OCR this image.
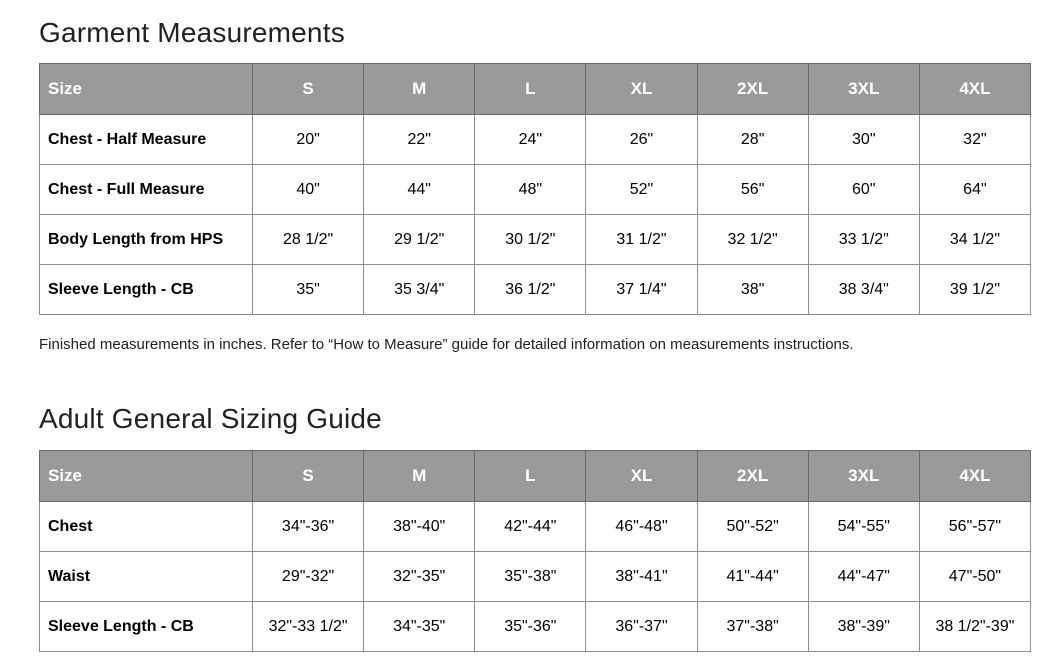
Garment Measurements
Size	S	M	L	XL	2XL	3XL	4XL
Chest - Half Measure	20"	22"	24"	26"	28"	30"	32"
Chest - Full Measure	40"	44"	48"	52"	56"	60"	64"
Body Length from HPS	28 1/2"	29 1/2"	30 1/2"	31 1/2"	32 1/2"	33 1/2"	34 1/2"
Sleeve Length - CB	35"	35 3/4"	36 1/2"	37 1/4"	38"	38 3/4"	39 1/2"

Finished measurements in inches. Refer to “How to Measure” guide for detailed information on measurements instructions.

Adult General Sizing Guide
Size	S	M	L	XL	2XL	3XL	4XL
Chest	34"-36"	38"-40"	42"-44"	46"-48"	50"-52"	54"-55"	56"-57"
Waist	29"-32"	32"-35"	35"-38"	38"-41"	41"-44"	44"-47"	47"-50"
Sleeve Length - CB	32"-33 1/2"	34"-35"	35"-36"	36"-37"	37"-38"	38"-39"	38 1/2"-39"
